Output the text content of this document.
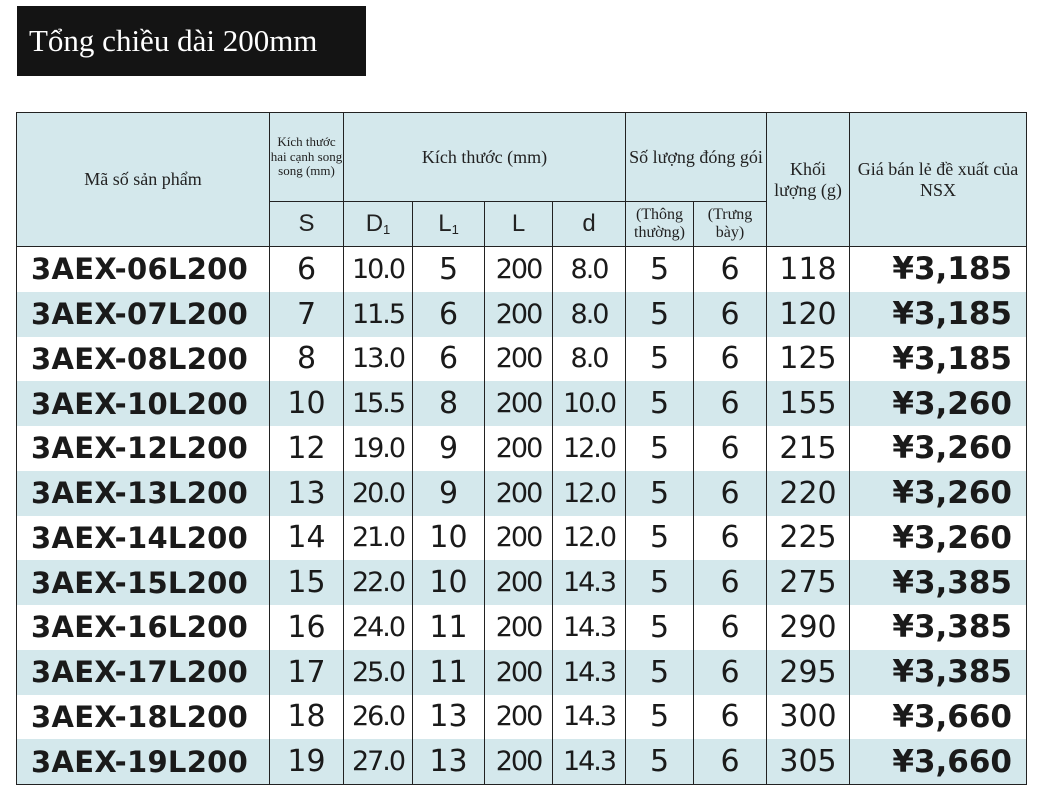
Tổng chiều dài 200mm
Mã số sản phẩm	Kích thước hai cạnh song song (mm)	Kích thước (mm)				Số lượng đóng gói		Khối lượng (g)	Giá bán lẻ đề xuất của NSX
	S	$D_1$	$L_1$	L	d	(Thông thường)	(Trưng bày)		
3AEX-06L200	6	10.0	5	200	8.0	5	6	118	¥3,185
3AEX-07L200	7	11.5	6	200	8.0	5	6	120	¥3,185
3AEX-08L200	8	13.0	6	200	8.0	5	6	125	¥3,185
3AEX-10L200	10	15.5	8	200	10.0	5	6	155	¥3,260
3AEX-12L200	12	19.0	9	200	12.0	5	6	215	¥3,260
3AEX-13L200	13	20.0	9	200	12.0	5	6	220	¥3,260
3AEX-14L200	14	21.0	10	200	12.0	5	6	225	¥3,260
3AEX-15L200	15	22.0	10	200	14.3	5	6	275	¥3,385
3AEX-16L200	16	24.0	11	200	14.3	5	6	290	¥3,385
3AEX-17L200	17	25.0	11	200	14.3	5	6	295	¥3,385
3AEX-18L200	18	26.0	13	200	14.3	5	6	300	¥3,660
3AEX-19L200	19	27.0	13	200	14.3	5	6	305	¥3,660
